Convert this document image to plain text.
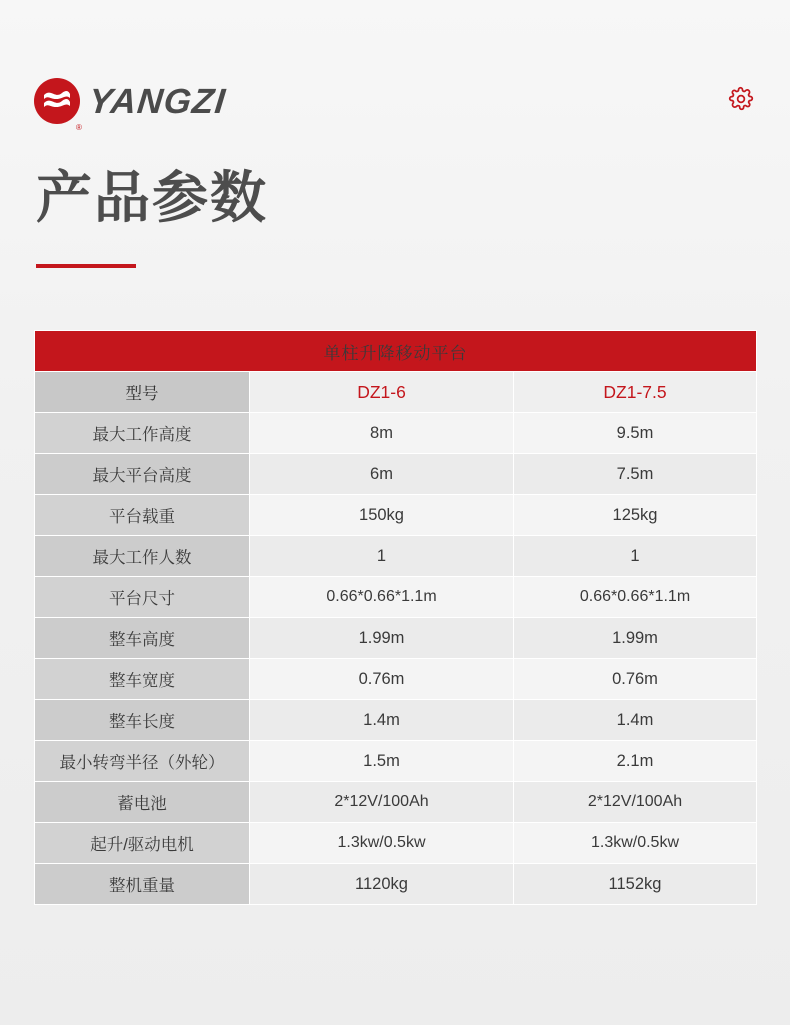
YANGZI
®
产品参数
单柱升降移动平台		
型号	DZ1-6	DZ1-7.5
最大工作高度	8m	9.5m
最大平台高度	6m	7.5m
平台载重	150kg	125kg
最大工作人数	1	1
平台尺寸	0.66*0.66*1.1m	0.66*0.66*1.1m
整车高度	1.99m	1.99m
整车宽度	0.76m	0.76m
整车长度	1.4m	1.4m
最小转弯半径（外轮）	1.5m	2.1m
蓄电池	2*12V/100Ah	2*12V/100Ah
起升/驱动电机	1.3kw/0.5kw	1.3kw/0.5kw
整机重量	1120kg	1152kg
